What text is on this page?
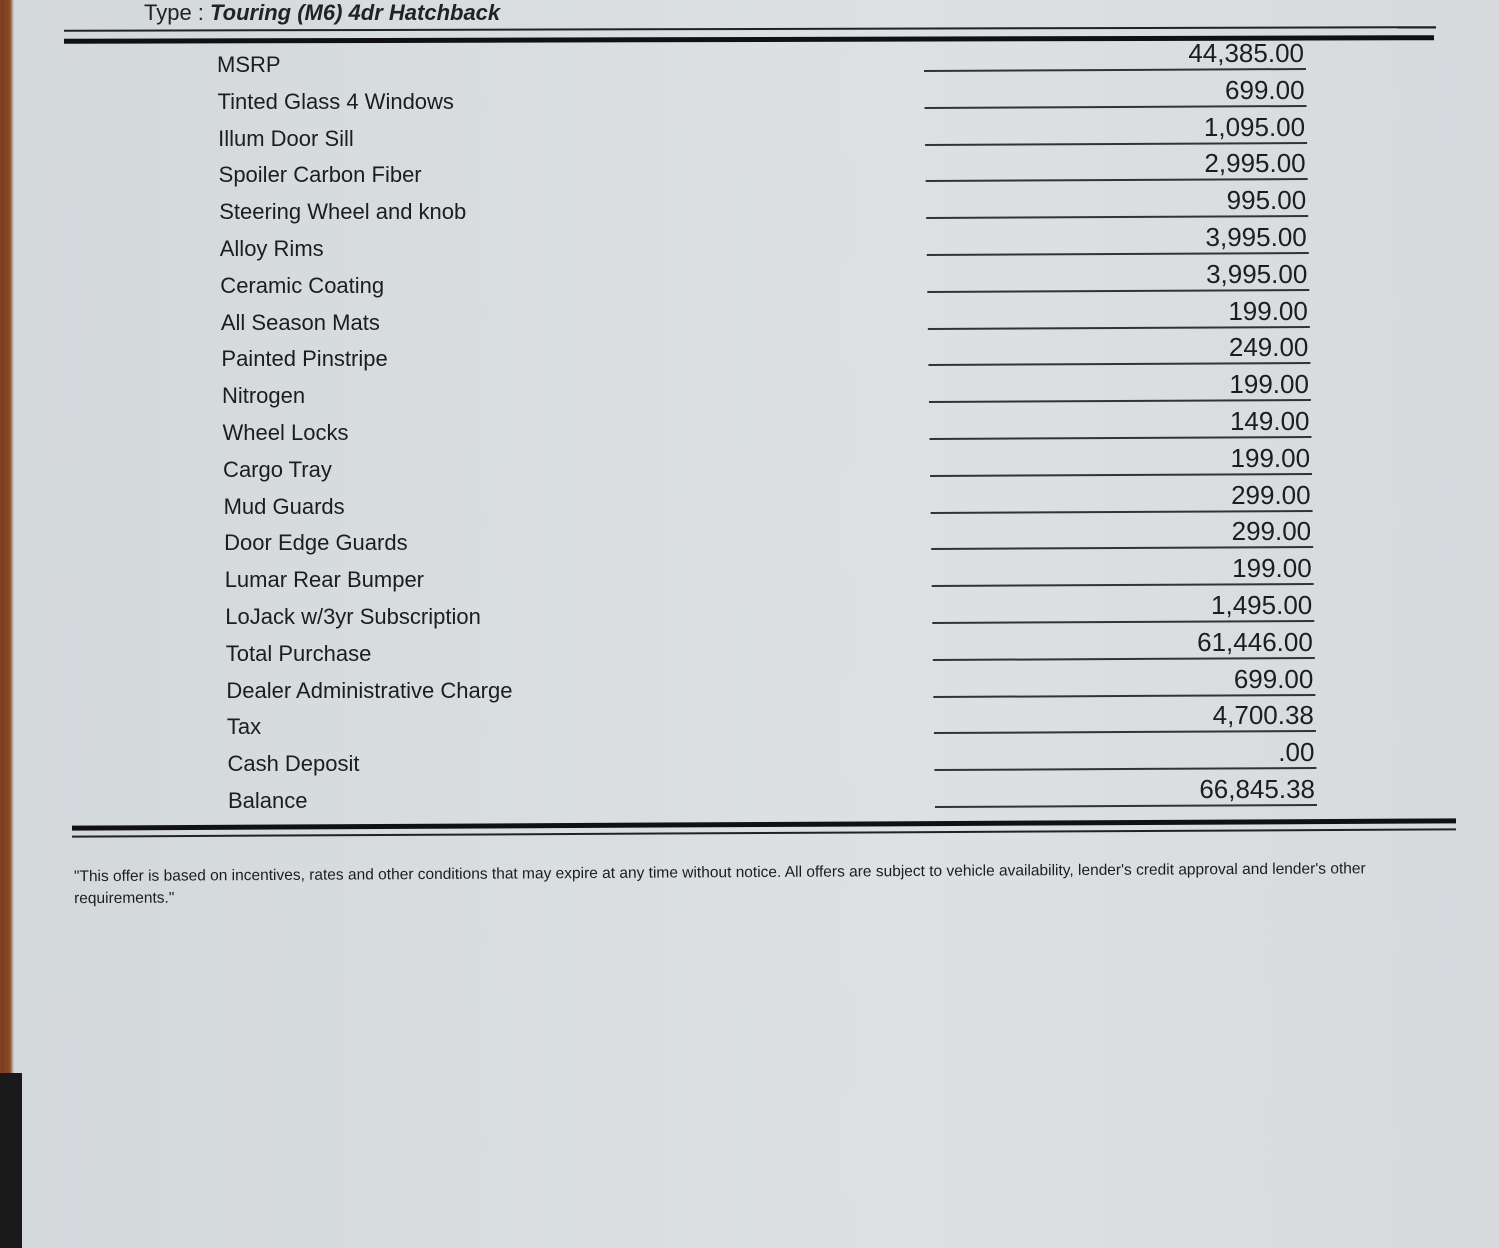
Type : Touring (M6) 4dr Hatchback
MSRP	44,385.00
Tinted Glass 4 Windows	699.00
Illum Door Sill	1,095.00
Spoiler Carbon Fiber	2,995.00
Steering Wheel and knob	995.00
Alloy Rims	3,995.00
Ceramic Coating	3,995.00
All Season Mats	199.00
Painted Pinstripe	249.00
Nitrogen	199.00
Wheel Locks	149.00
Cargo Tray	199.00
Mud Guards	299.00
Door Edge Guards	299.00
Lumar Rear Bumper	199.00
LoJack w/3yr Subscription	1,495.00
Total Purchase	61,446.00
Dealer Administrative Charge	699.00
Tax	4,700.38
Cash Deposit	.00
Balance	66,845.38
"This offer is based on incentives, rates and other conditions that may expire at any time without notice. All offers are subject to vehicle availability, lender's credit approval and lender's other requirements."
